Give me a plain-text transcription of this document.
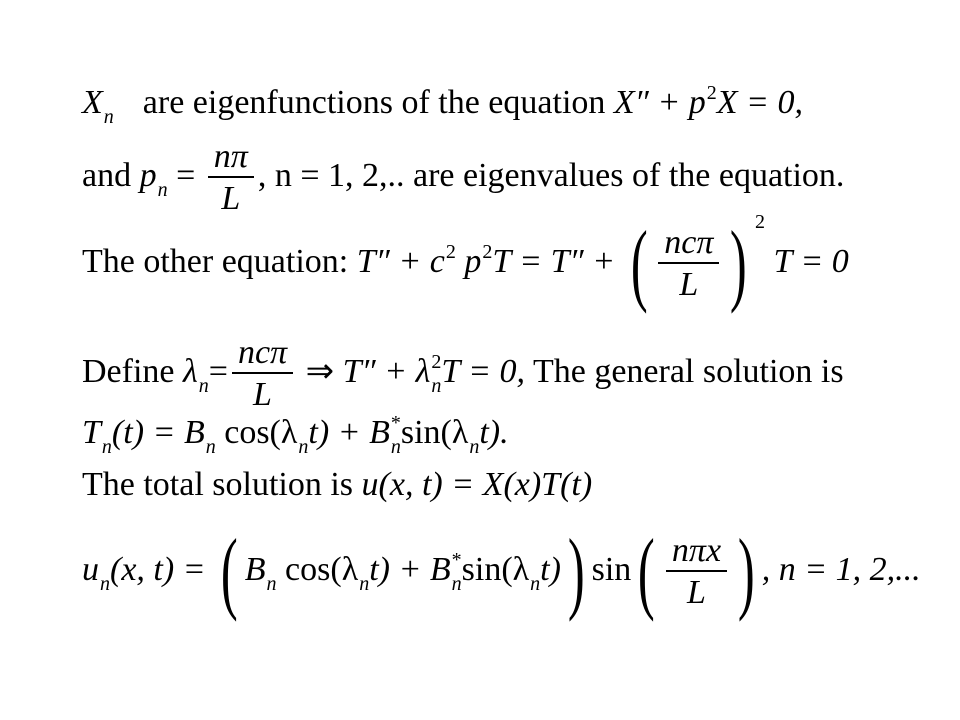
$X_n$ are eigenfunctions of the equation $X'' + p^2X = 0$,
and $p_n = \frac{n\pi}{L}$ , n = 1, 2,.. are eigenvalues of the equation.
The other equation: $T'' + c^2$ $p^2T = T''$ + ( $\frac{\text{ncπ}}{L}$ ) $^2$ T = 0
Define $\lambda_n= \frac{\text{ncπ}}{L}$ ⇒ $T'' + \lambda_n^2T = 0$, The general solution is
$T_n(t) = B_n$ $\cos(\lambda_nt) + B_n^*\sin(\lambda_nt)$.
The total solution is u(x, t) = X(x)T(t)
$u_n(x$, t) = ( $B_n$ $\cos(\lambda_nt) + B_n^*\sin(\lambda_nt)$) $\sin( \frac{\text{nπx}}{L}$ ) , n = 1, 2,...
